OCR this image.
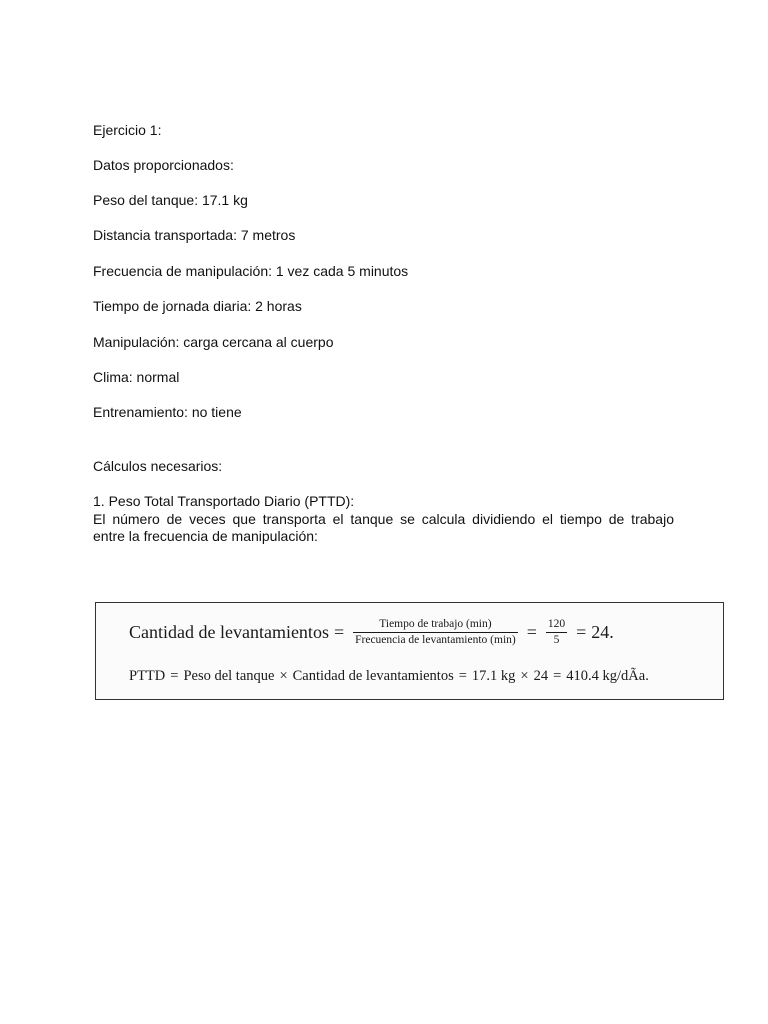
Ejercicio 1:

Datos proporcionados:

Peso del tanque: 17.1 kg

Distancia transportada: 7 metros

Frecuencia de manipulación: 1 vez cada 5 minutos

Tiempo de jornada diaria: 2 horas

Manipulación: carga cercana al cuerpo

Clima: normal

Entrenamiento: no tiene

Cálculos necesarios:

1. Peso Total Transportado Diario (PTTD):

El número de veces que transporta el tanque se calcula dividiendo el tiempo de trabajo
entre la frecuencia de manipulación:
Cantidad de levantamientos = $\frac{\text{Tiempo de trabajo (min)}}{\text{Frecuencia de levantamiento (min)}} = \frac{120}{5} = 24$.
PTTD = Peso del tanque × Cantidad de levantamientos = 17.1 kg × 24 = 410.4 kg/dÃa.
